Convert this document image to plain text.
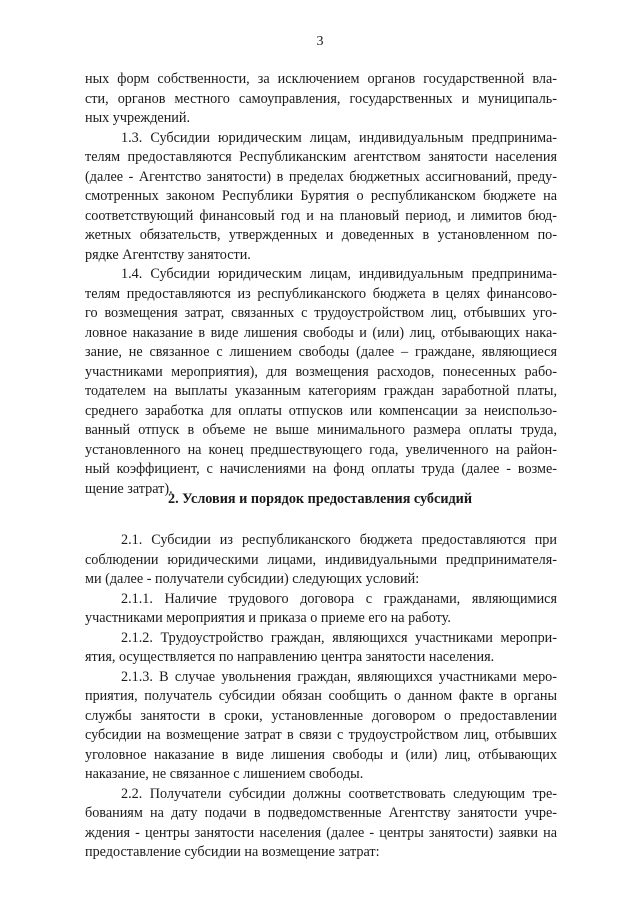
3
ных форм собственности, за исключением органов государственной вла-
сти, органов местного самоуправления, государственных и муниципаль-
ных учреждений.
1.3. Субсидии юридическим лицам, индивидуальным предпринима-
телям предоставляются Республиканским агентством занятости населения
(далее - Агентство занятости) в пределах бюджетных ассигнований, преду-
смотренных законом Республики Бурятия о республиканском бюджете на
соответствующий финансовый год и на плановый период, и лимитов бюд-
жетных обязательств, утвержденных и доведенных в установленном по-
рядке Агентству занятости.
1.4. Субсидии юридическим лицам, индивидуальным предпринима-
телям предоставляются из республиканского бюджета в целях финансово-
го возмещения затрат, связанных с трудоустройством лиц, отбывших уго-
ловное наказание в виде лишения свободы и (или) лиц, отбывающих нака-
зание, не связанное с лишением свободы (далее – граждане, являющиеся
участниками мероприятия), для возмещения расходов, понесенных рабо-
тодателем на выплаты указанным категориям граждан заработной платы,
среднего заработка для оплаты отпусков или компенсации за неиспользо-
ванный отпуск в объеме не выше минимального размера оплаты труда,
установленного на конец предшествующего года, увеличенного на район-
ный коэффициент, с начислениями на фонд оплаты труда (далее - возме-
щение затрат).
2. Условия и порядок предоставления субсидий
2.1. Субсидии из республиканского бюджета предоставляются при
соблюдении юридическими лицами, индивидуальными предпринимателя-
ми (далее - получатели субсидии) следующих условий:
2.1.1. Наличие трудового договора с гражданами, являющимися
участниками мероприятия и приказа о приеме его на работу.
2.1.2. Трудоустройство граждан, являющихся участниками меропри-
ятия, осуществляется по направлению центра занятости населения.
2.1.3. В случае увольнения граждан, являющихся участниками меро-
приятия, получатель субсидии обязан сообщить о данном факте в органы
службы занятости в сроки, установленные договором о предоставлении
субсидии на возмещение затрат в связи с трудоустройством лиц, отбывших
уголовное наказание в виде лишения свободы и (или) лиц, отбывающих
наказание, не связанное с лишением свободы.
2.2. Получатели субсидии должны соответствовать следующим тре-
бованиям на дату подачи в подведомственные Агентству занятости учре-
ждения - центры занятости населения (далее - центры занятости) заявки на
предоставление субсидии на возмещение затрат:
